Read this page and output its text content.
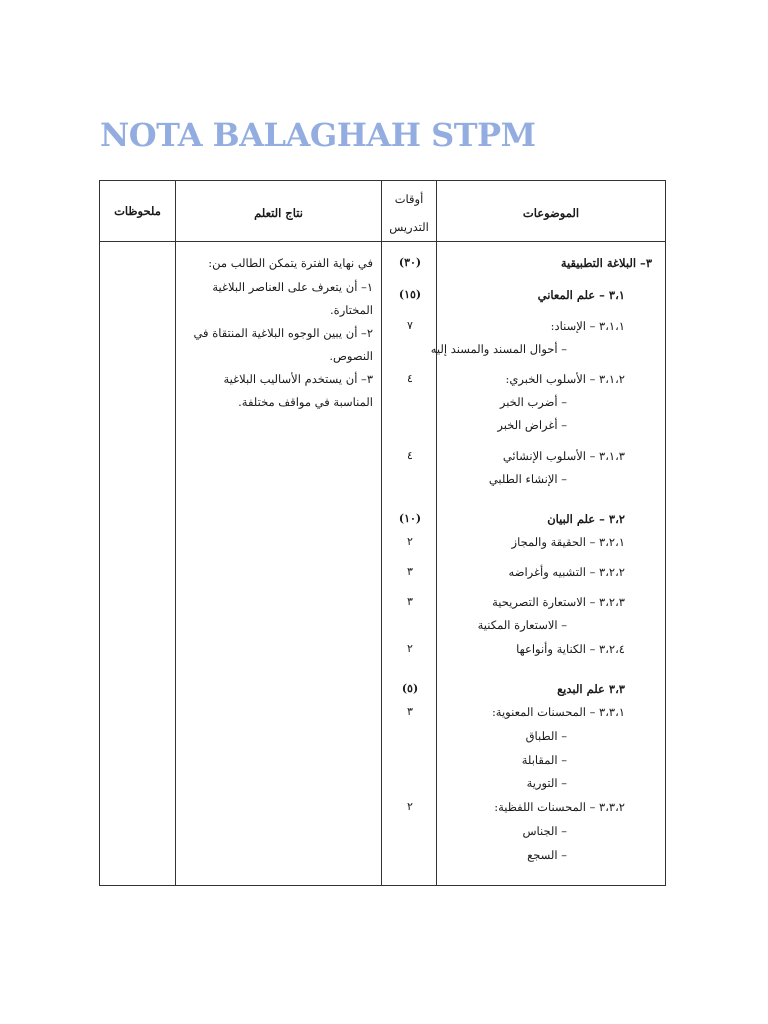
NOTA BALAGHAH STPM
ملحوظات	نتاج التعلم
أوقات
التدريس
الموضوعات
في نهاية الفترة يتمكن الطالب من:
١– أن يتعرف على العناصر البلاغية
المختارة.
٢– أن يبين الوجوه البلاغية المنتقاة في
النصوص.
٣– أن يستخدم الأساليب البلاغية
المناسبة في مواقف مختلفة.
(٣٠)
(١٥)
٧
٤
٤
(١٠)
٢
٣
٣
٢
(٥)
٣
٢
٣– البلاغة التطبيقية
٣،١ – علم المعاني
٣،١،١ – الإسناد:
– أحوال المسند والمسند إليه
٣،١،٢ – الأسلوب الخبري:
– أضرب الخبر
– أغراض الخبر
٣،١،٣ – الأسلوب الإنشائي
– الإنشاء الطلبي
٣،٢ – علم البيان
٣،٢،١ – الحقيقة والمجاز
٣،٢،٢ – التشبيه وأغراضه
٣،٢،٣ – الاستعارة التصريحية
– الاستعارة المكنية
٣،٢،٤ – الكناية وأنواعها
٣،٣ علم البديع
٣،٣،١ – المحسنات المعنوية:
– الطباق
– المقابلة
– التورية
٣،٣،٢ – المحسنات اللفظية:
– الجناس
– السجع
